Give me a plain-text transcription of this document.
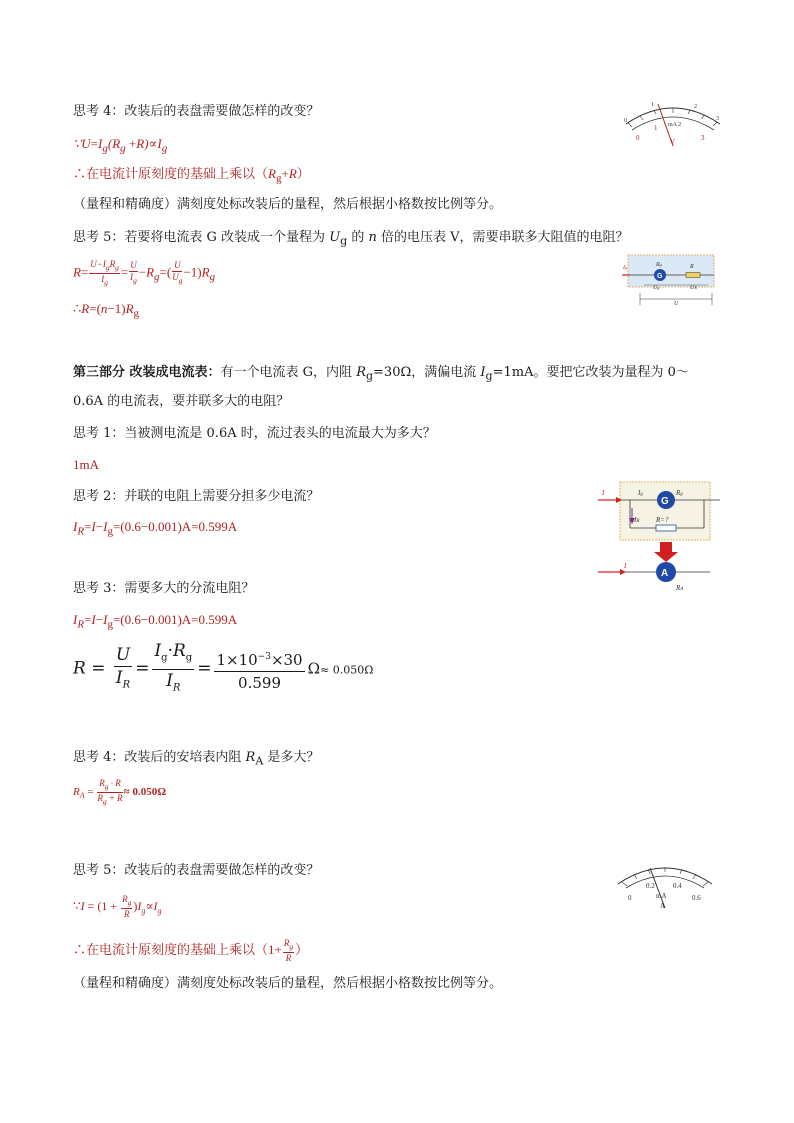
思考 4：改装后的表盘需要做怎样的改变？
$\because U=I_g(R_g +R)\propto I_g$
∴在电流计原刻度的基础上乘以$(R_g+R)$
（量程和精确度）满刻度处标改装后的量程，然后根据小格数按比例等分。
思考 5：若要将电流表 G 改装成一个量程为 $U_g$ 的 n 倍的电压表 V，需要串联多大阻值的电阻？
$R= \frac{U-I_gR_g}{I_g} = \frac{U}{I_g} -R_g=( \frac{U}{U_g} -1)R_g$
$\therefore R=(n-1)R_g$
第三部分 改装成电流表：有一个电流表 G，内阻 $R_g=30\Omega$，满偏电流 $I_g=1mA$。要把它改装为量程为 0～
0.6A 的电流表，要并联多大的电阻？
思考 1：当被测电流是 0.6A 时，流过表头的电流最大为多大？
1mA
思考 2：并联的电阻上需要分担多少电流？
$I_R=I-I_g=(0.6-0.001)A=0.599A$
思考 3：需要多大的分流电阻？
$I_R=I-I_g=(0.6-0.001)A=0.599A$
$R = \frac{U}{I_R} = \frac{I_g\cdot R_g}{I_R} = \frac{1\times 10^{-3}\times 30}{0.599} \Omega\approx 0.050\Omega$
思考 4：改装后的安培表内阻 $R_A$ 是多大？
$R_A = \frac{R_g \cdot R}{R_g + R} \approx 0.050\Omega$
思考 5：改装后的表盘需要做怎样的改变？
∵I = $(1 + \frac{R_g}{R} )I_g\propto I_g$
∴在电流计原刻度的基础上乘以（$1+ \frac{R_g}{R}$ ）
（量程和精确度）满刻度处标改装后的量程，然后根据小格数按比例等分。
0
1	2
3
mA 2
0
1
3
V
G
Ig	Rg	R
Ug	UR
U
G
I	Ig	Rg
IR R=?
A
I
RA
0
0.2	0.4
0.6
mA
A
